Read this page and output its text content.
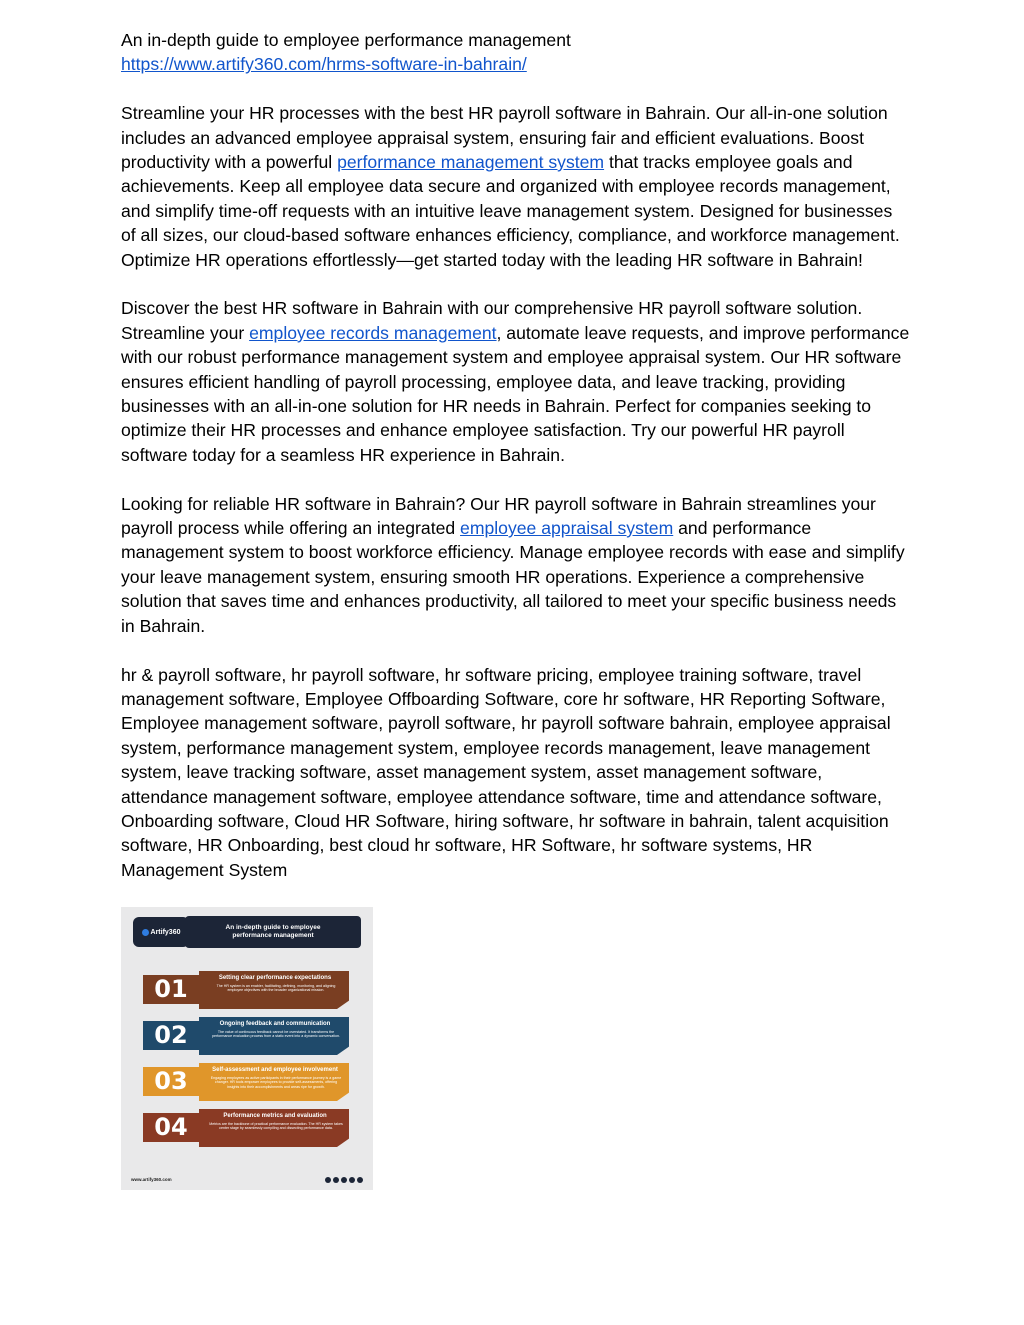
An in-depth guide to employee performance management

https://www.artify360.com/hrms-software-in-bahrain/

Streamline your HR processes with the best HR payroll software in Bahrain. Our all-in-one solution includes an advanced employee appraisal system, ensuring fair and efficient evaluations. Boost productivity with a powerful performance management system that tracks employee goals and achievements. Keep all employee data secure and organized with employee records management, and simplify time-off requests with an intuitive leave management system. Designed for businesses of all sizes, our cloud-based software enhances efficiency, compliance, and workforce management. Optimize HR operations effortlessly—get started today with the leading HR software in Bahrain!

Discover the best HR software in Bahrain with our comprehensive HR payroll software solution. Streamline your employee records management, automate leave requests, and improve performance with our robust performance management system and employee appraisal system. Our HR software ensures efficient handling of payroll processing, employee data, and leave tracking, providing businesses with an all-in-one solution for HR needs in Bahrain. Perfect for companies seeking to optimize their HR processes and enhance employee satisfaction. Try our powerful HR payroll software today for a seamless HR experience in Bahrain.

Looking for reliable HR software in Bahrain? Our HR payroll software in Bahrain streamlines your payroll process while offering an integrated employee appraisal system and performance management system to boost workforce efficiency. Manage employee records with ease and simplify your leave management system, ensuring smooth HR operations. Experience a comprehensive solution that saves time and enhances productivity, all tailored to meet your specific business needs in Bahrain.

hr & payroll software, hr payroll software, hr software pricing, employee training software, travel management software, Employee Offboarding Software, core hr software, HR Reporting Software, Employee management software, payroll software, hr payroll software bahrain, employee appraisal system, performance management system, employee records management, leave management system, leave tracking software, asset management system, asset management software, attendance management software, employee attendance software, time and attendance software, Onboarding software, Cloud HR Software, hiring software, hr software in bahrain, talent acquisition software, HR Onboarding, best cloud hr software, HR Software, hr software systems, HR Management System

Artify360
An in-depth guide to employee performance management
01	Setting clear performance expectations
The HR system is an enabler, facilitating, defining, monitoring, and aligning employee objectives with the broader organizational mission.
02	Ongoing feedback and communication
The value of continuous feedback cannot be overstated. It transforms the performance evaluation process from a static event into a dynamic conversation.
03	Self-assessment and employee involvement
Engaging employees as active participants in their performance journey is a game changer. HR tools empower employees to provide self-assessments, offering insights into their accomplishments and areas ripe for growth.
04	Performance metrics and evaluation
Metrics are the backbone of practical performance evaluation. The HR system takes center stage by seamlessly compiling and dissecting performance data.
www.artify360.com
